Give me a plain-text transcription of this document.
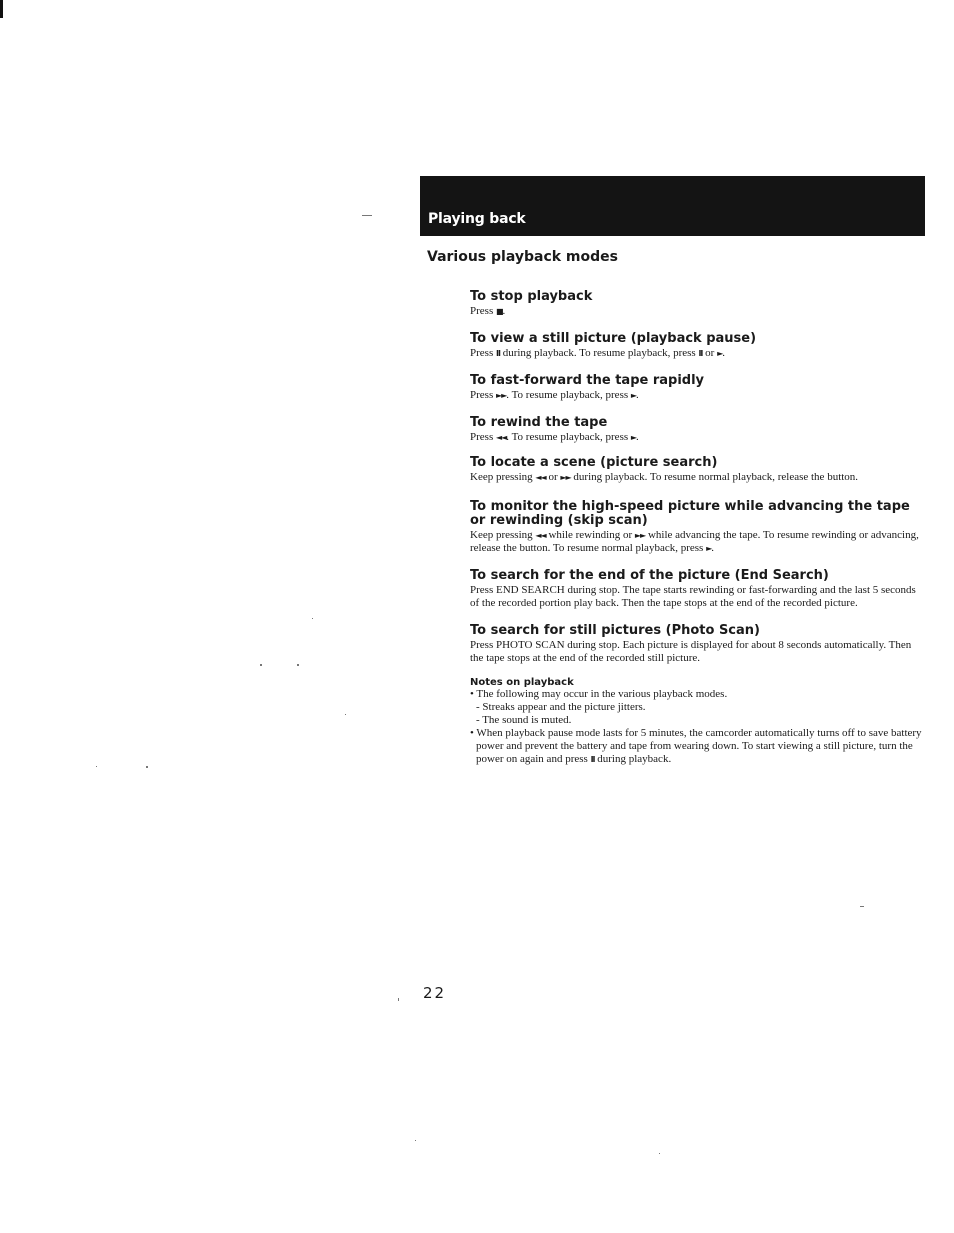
Playing back
Various playback modes

To stop playback

Press ■.

To view a still picture (playback pause)

Press II during playback. To resume playback, press II or ►.

To fast-forward the tape rapidly

Press ►►. To resume playback, press ►.

To rewind the tape

Press ◄◄. To resume playback, press ►.

To locate a scene (picture search)

Keep pressing ◄◄ or ►► during playback. To resume normal playback, release the button.

To monitor the high-speed picture while advancing the tape or rewinding (skip scan)

Keep pressing ◄◄ while rewinding or ►► while advancing the tape. To resume rewinding or advancing, release the button. To resume normal playback, press ►.

To search for the end of the picture (End Search)

Press END SEARCH during stop. The tape starts rewinding or fast-forwarding and the last 5 seconds of the recorded portion play back. Then the tape stops at the end of the recorded picture.

To search for still pictures (Photo Scan)

Press PHOTO SCAN during stop. Each picture is displayed for about 8 seconds automatically. Then the tape stops at the end of the recorded still picture.

Notes on playback

• The following may occur in the various playback modes.

- Streaks appear and the picture jitters.

- The sound is muted.

• When playback pause mode lasts for 5 minutes, the camcorder automatically turns off to save battery power and prevent the battery and tape from wearing down. To start viewing a still picture, turn the power on again and press II during playback.

22
